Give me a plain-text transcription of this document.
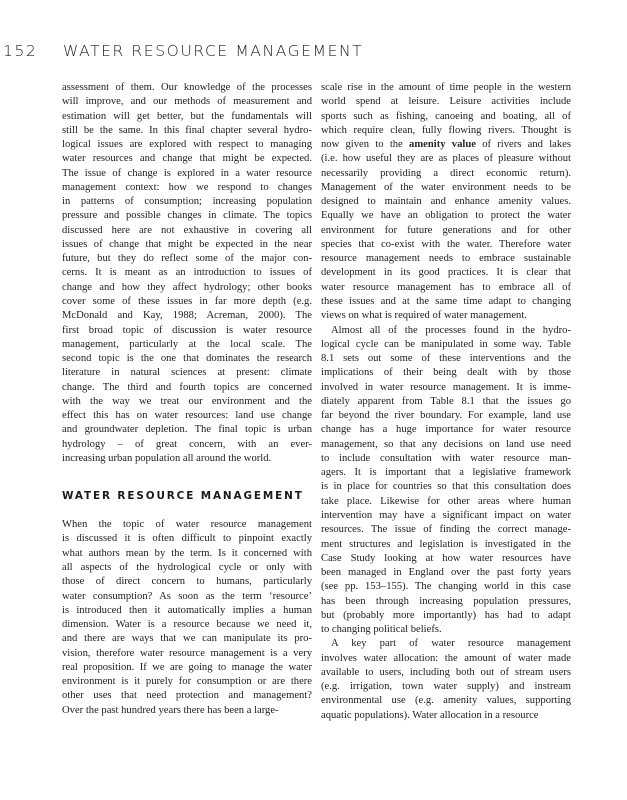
152 WATER RESOURCE MANAGEMENT
assessment of them. Our knowledge of the processes
will improve, and our methods of measurement and
estimation will get better, but the fundamentals will
still be the same. In this final chapter several hydro-
logical issues are explored with respect to managing
water resources and change that might be expected.
The issue of change is explored in a water resource
management context: how we respond to changes
in patterns of consumption; increasing population
pressure and possible changes in climate. The topics
discussed here are not exhaustive in covering all
issues of change that might be expected in the near
future, but they do reflect some of the major con-
cerns. It is meant as an introduction to issues of
change and how they affect hydrology; other books
cover some of these issues in far more depth (e.g.
McDonald and Kay, 1988; Acreman, 2000). The
first broad topic of discussion is water resource
management, particularly at the local scale. The
second topic is the one that dominates the research
literature in natural sciences at present: climate
change. The third and fourth topics are concerned
with the way we treat our environment and the
effect this has on water resources: land use change
and groundwater depletion. The final topic is urban
hydrology – of great concern, with an ever-
increasing urban population all around the world.
WATER RESOURCE MANAGEMENT
When the topic of water resource management
is discussed it is often difficult to pinpoint exactly
what authors mean by the term. Is it concerned with
all aspects of the hydrological cycle or only with
those of direct concern to humans, particularly
water consumption? As soon as the term ‘resource’
is introduced then it automatically implies a human
dimension. Water is a resource because we need it,
and there are ways that we can manipulate its pro-
vision, therefore water resource management is a very
real proposition. If we are going to manage the water
environment is it purely for consumption or are there
other uses that need protection and management?
Over the past hundred years there has been a large-
scale rise in the amount of time people in the western
world spend at leisure. Leisure activities include
sports such as fishing, canoeing and boating, all of
which require clean, fully flowing rivers. Thought is
now given to the amenity value of rivers and lakes
(i.e. how useful they are as places of pleasure without
necessarily providing a direct economic return).
Management of the water environment needs to be
designed to maintain and enhance amenity values.
Equally we have an obligation to protect the water
environment for future generations and for other
species that co-exist with the water. Therefore water
resource management needs to embrace sustainable
development in its good practices. It is clear that
water resource management has to embrace all of
these issues and at the same time adapt to changing
views on what is required of water management.
Almost all of the processes found in the hydro-
logical cycle can be manipulated in some way. Table
8.1 sets out some of these interventions and the
implications of their being dealt with by those
involved in water resource management. It is imme-
diately apparent from Table 8.1 that the issues go
far beyond the river boundary. For example, land use
change has a huge importance for water resource
management, so that any decisions on land use need
to include consultation with water resource man-
agers. It is important that a legislative framework
is in place for countries so that this consultation does
take place. Likewise for other areas where human
intervention may have a significant impact on water
resources. The issue of finding the correct manage-
ment structures and legislation is investigated in the
Case Study looking at how water resources have
been managed in England over the past forty years
(see pp. 153–155). The changing world in this case
has been through increasing population pressures,
but (probably more importantly) has had to adapt
to changing political beliefs.
A key part of water resource management
involves water allocation: the amount of water made
available to users, including both out of stream users
(e.g. irrigation, town water supply) and instream
environmental use (e.g. amenity values, supporting
aquatic populations). Water allocation in a resource
